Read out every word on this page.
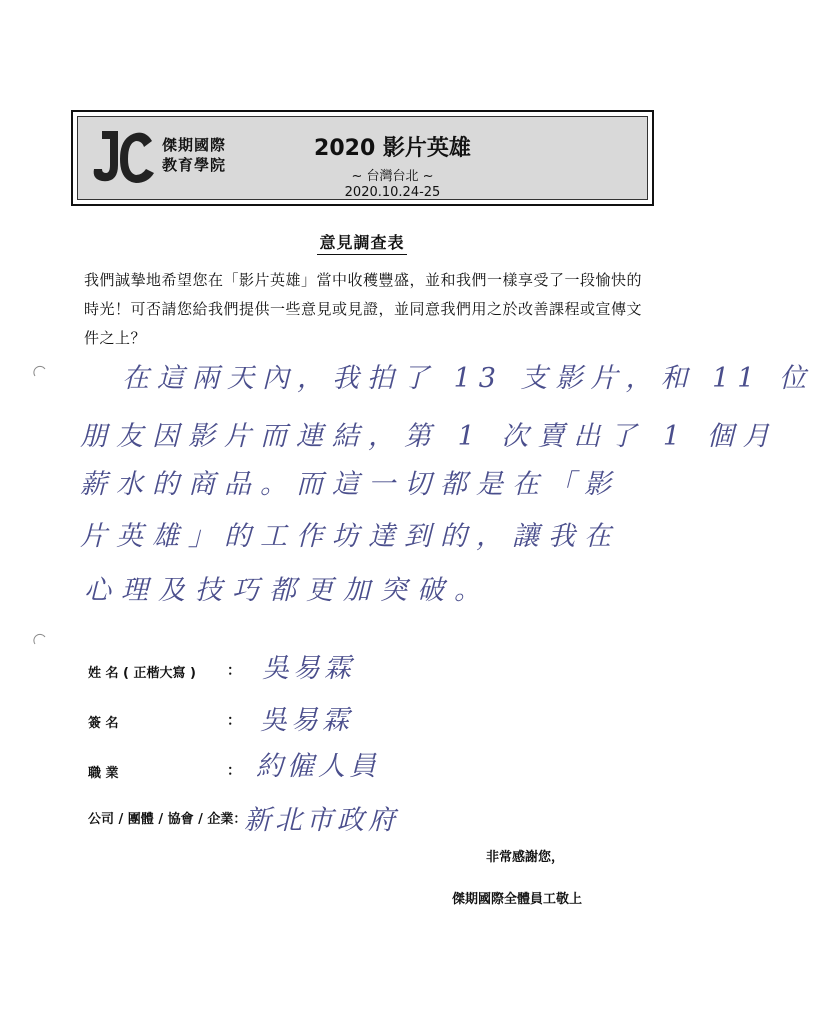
傑期國際
教育學院
2020 影片英雄
~ 台灣台北 ~
2020.10.24-25
意見調查表
我們誠摯地希望您在「影片英雄」當中收穫豐盛，並和我們一樣享受了一段愉快的時光！可否請您給我們提供一些意見或見證，並同意我們用之於改善課程或宣傳文件之上？
在這兩天內，我拍了 13 支影片，和 11 位
朋友因影片而連結，第 1 次賣出了 1 個月
薪水的商品。而這一切都是在「影
片英雄」的工作坊達到的，讓我在
心理及技巧都更加突破。
姓 名 ( 正楷大寫 ) ： 吳易霖
簽 名	： 吳易霖
職 業	： 約僱人員
公司 / 團體 / 協會 / 企業：
新北市政府
非常感謝您，
傑期國際全體員工敬上
